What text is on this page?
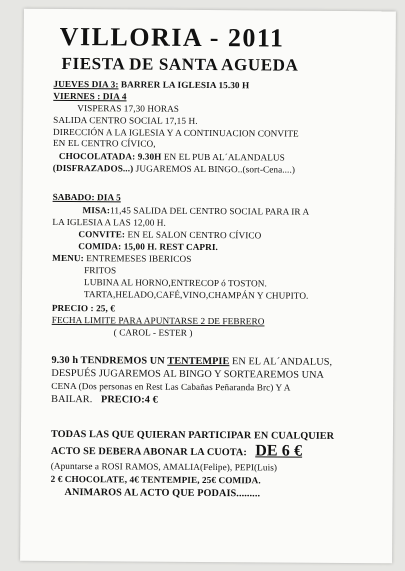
VILLORIA - 2011
FIESTA DE SANTA AGUEDA
JUEVES DIA 3: BARRER LA IGLESIA 15.30 H
VIERNES : DIA 4
VISPERAS 17,30 HORAS
SALIDA CENTRO SOCIAL 17,15 H.
DIRECCIÓN A LA IGLESIA Y A CONTINUACION CONVITE
EN EL CENTRO CÍVICO,
CHOCOLATADA: 9.30H EN EL PUB AL´ALANDALUS
(DISFRAZADOS...) JUGAREMOS AL BINGO..(sort-Cena....)
SABADO: DIA 5
MISA:11,45 SALIDA DEL CENTRO SOCIAL PARA IR A
LA IGLESIA A LAS 12,00 H.
CONVITE: EN EL SALON CENTRO CÍVICO
COMIDA: 15,00 H. REST CAPRI.
MENU: ENTREMESES IBERICOS
FRITOS
LUBINA AL HORNO,ENTRECOP ó TOSTON.
TARTA,HELADO,CAFÉ,VINO,CHAMPÁN Y CHUPITO.
PRECIO : 25, €
FECHA LIMITE PARA APUNTARSE 2 DE FEBRERO
( CAROL - ESTER )
9.30 h TENDREMOS UN TENTEMPIE EN EL AL´ANDALUS,
DESPUÉS JUGAREMOS AL BINGO Y SORTEAREMOS UNA
CENA (Dos personas en Rest Las Cabañas Peñaranda Brc) Y A
BAILAR. PRECIO:4 €
TODAS LAS QUE QUIERAN PARTICIPAR EN CUALQUIER
ACTO SE DEBERA ABONAR LA CUOTA: DE 6 €
(Apuntarse a ROSI RAMOS, AMALIA(Felipe), PEPI(Luis)
2 € CHOCOLATE, 4€ TENTEMPIE, 25€ COMIDA.
ANIMAROS AL ACTO QUE PODAIS.........
